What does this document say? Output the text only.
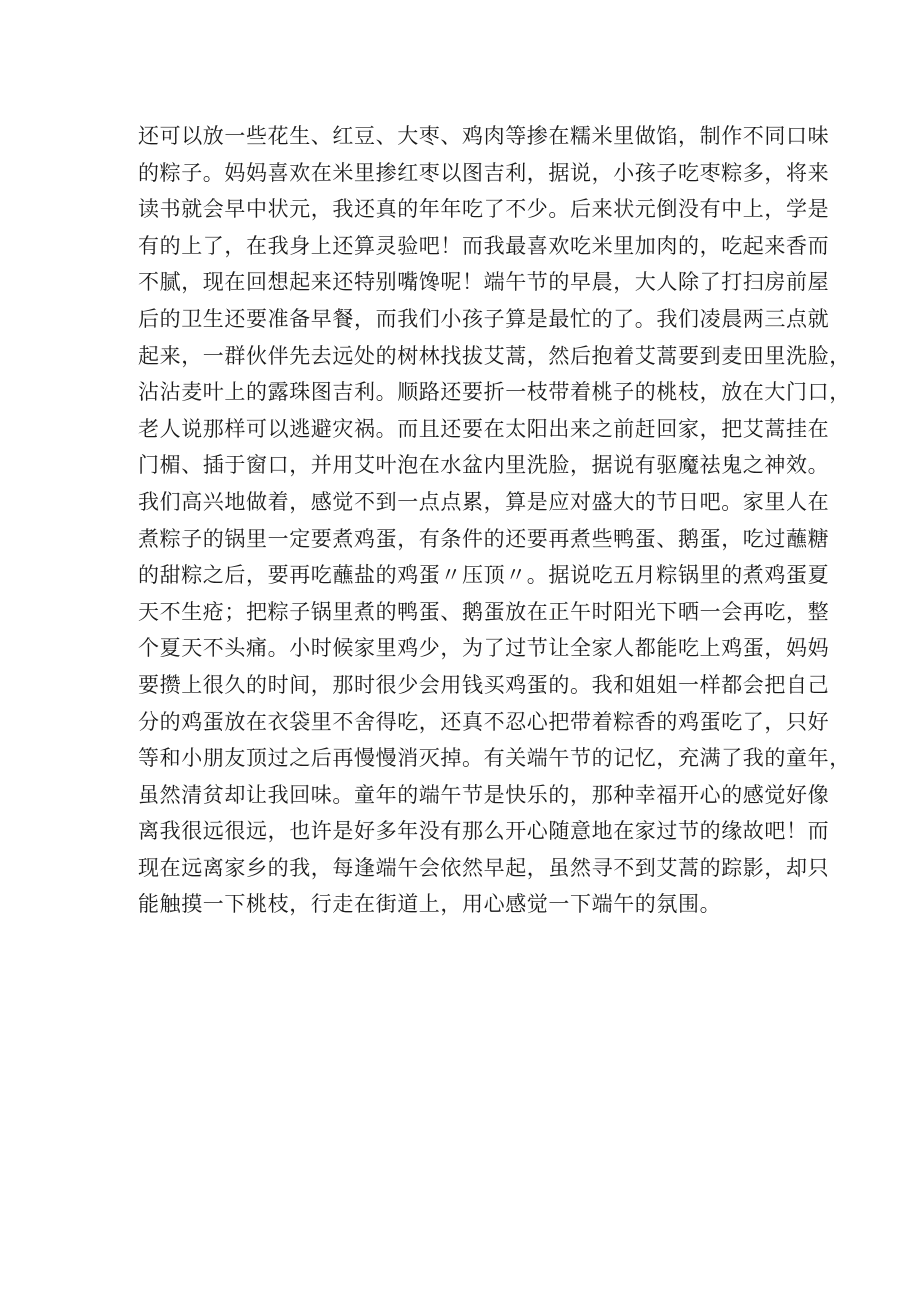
还可以放一些花生、红豆、大枣、鸡肉等掺在糯米里做馅，制作不同口味
的粽子。妈妈喜欢在米里掺红枣以图吉利，据说，小孩子吃枣粽多，将来
读书就会早中状元，我还真的年年吃了不少。后来状元倒没有中上，学是
有的上了，在我身上还算灵验吧！而我最喜欢吃米里加肉的，吃起来香而
不腻，现在回想起来还特别嘴馋呢！端午节的早晨，大人除了打扫房前屋
后的卫生还要准备早餐，而我们小孩子算是最忙的了。我们凌晨两三点就
起来，一群伙伴先去远处的树林找拔艾蒿，然后抱着艾蒿要到麦田里洗脸，
沾沾麦叶上的露珠图吉利。顺路还要折一枝带着桃子的桃枝，放在大门口，
老人说那样可以逃避灾祸。而且还要在太阳出来之前赶回家，把艾蒿挂在
门楣、插于窗口，并用艾叶泡在水盆内里洗脸，据说有驱魔祛鬼之神效。
我们高兴地做着，感觉不到一点点累，算是应对盛大的节日吧。家里人在
煮粽子的锅里一定要煮鸡蛋，有条件的还要再煮些鸭蛋、鹅蛋，吃过蘸糖
的甜粽之后，要再吃蘸盐的鸡蛋〃压顶〃。据说吃五月粽锅里的煮鸡蛋夏
天不生疮；把粽子锅里煮的鸭蛋、鹅蛋放在正午时阳光下晒一会再吃，整
个夏天不头痛。小时候家里鸡少，为了过节让全家人都能吃上鸡蛋，妈妈
要攒上很久的时间，那时很少会用钱买鸡蛋的。我和姐姐一样都会把自己
分的鸡蛋放在衣袋里不舍得吃，还真不忍心把带着粽香的鸡蛋吃了，只好
等和小朋友顶过之后再慢慢消灭掉。有关端午节的记忆，充满了我的童年，
虽然清贫却让我回味。童年的端午节是快乐的，那种幸福开心的感觉好像
离我很远很远，也许是好多年没有那么开心随意地在家过节的缘故吧！而
现在远离家乡的我，每逢端午会依然早起，虽然寻不到艾蒿的踪影，却只
能触摸一下桃枝，行走在街道上，用心感觉一下端午的氛围。
